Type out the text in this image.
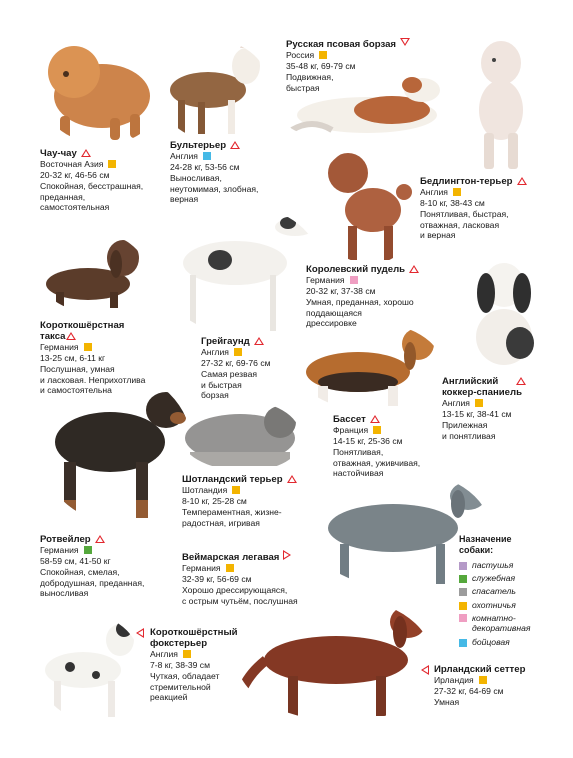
Чау-чау
Восточная Азия
20-32 кг, 46-56 см
Спокойная, бесстрашная,
преданная,
самостоятельная
Бультерьер
Англия
24-28 кг, 53-56 см
Выносливая,
неутомимая, злобная,
верная
Русская псовая борзая
Россия
35-48 кг, 69-79 см
Подвижная,
быстрая
Бедлингтон-терьер
Англия
8-10 кг, 38-43 см
Понятливая, быстрая,
отважная, ласковая
и верная
Короткошёрстная
такса
Германия
13-25 см, 6-11 кг
Послушная, умная
и ласковая. Неприхотлива
и самостоятельна
Грейгаунд
Англия
27-32 кг, 69-76 см
Самая резвая
и быстрая
борзая
Королевский пудель
Германия
20-32 кг, 37-38 см
Умная, преданная, хорошо
поддающаяся
дрессировке
Английский
коккер-спаниель
Англия
13-15 кг, 38-41 см
Прилежная
и понятливая
Бассет
Франция
14-15 кг, 25-36 см
Понятливая,
отважная, уживчивая,
настойчивая
Ротвейлер
Германия
58-59 см, 41-50 кг
Спокойная, смелая,
добродушная, преданная,
выносливая
Шотландский терьер
Шотландия
8-10 кг, 25-28 см
Темпераментная, жизне-
радостная, игривая
Веймарская легавая
Германия
32-39 кг, 56-69 см
Хорошо дрессирующаяся,
с острым чутьём, послушная
Короткошёрстный
фокстерьер
Англия
7-8 кг, 38-39 см
Чуткая, обладает
стремительной
реакцией
Ирландский сеттер
Ирландия
27-32 кг, 64-69 см
Умная
Назначение
собаки:
пастушья
служебная
спасатель
охотничья
комнатно-
декоративная
бойцовая
